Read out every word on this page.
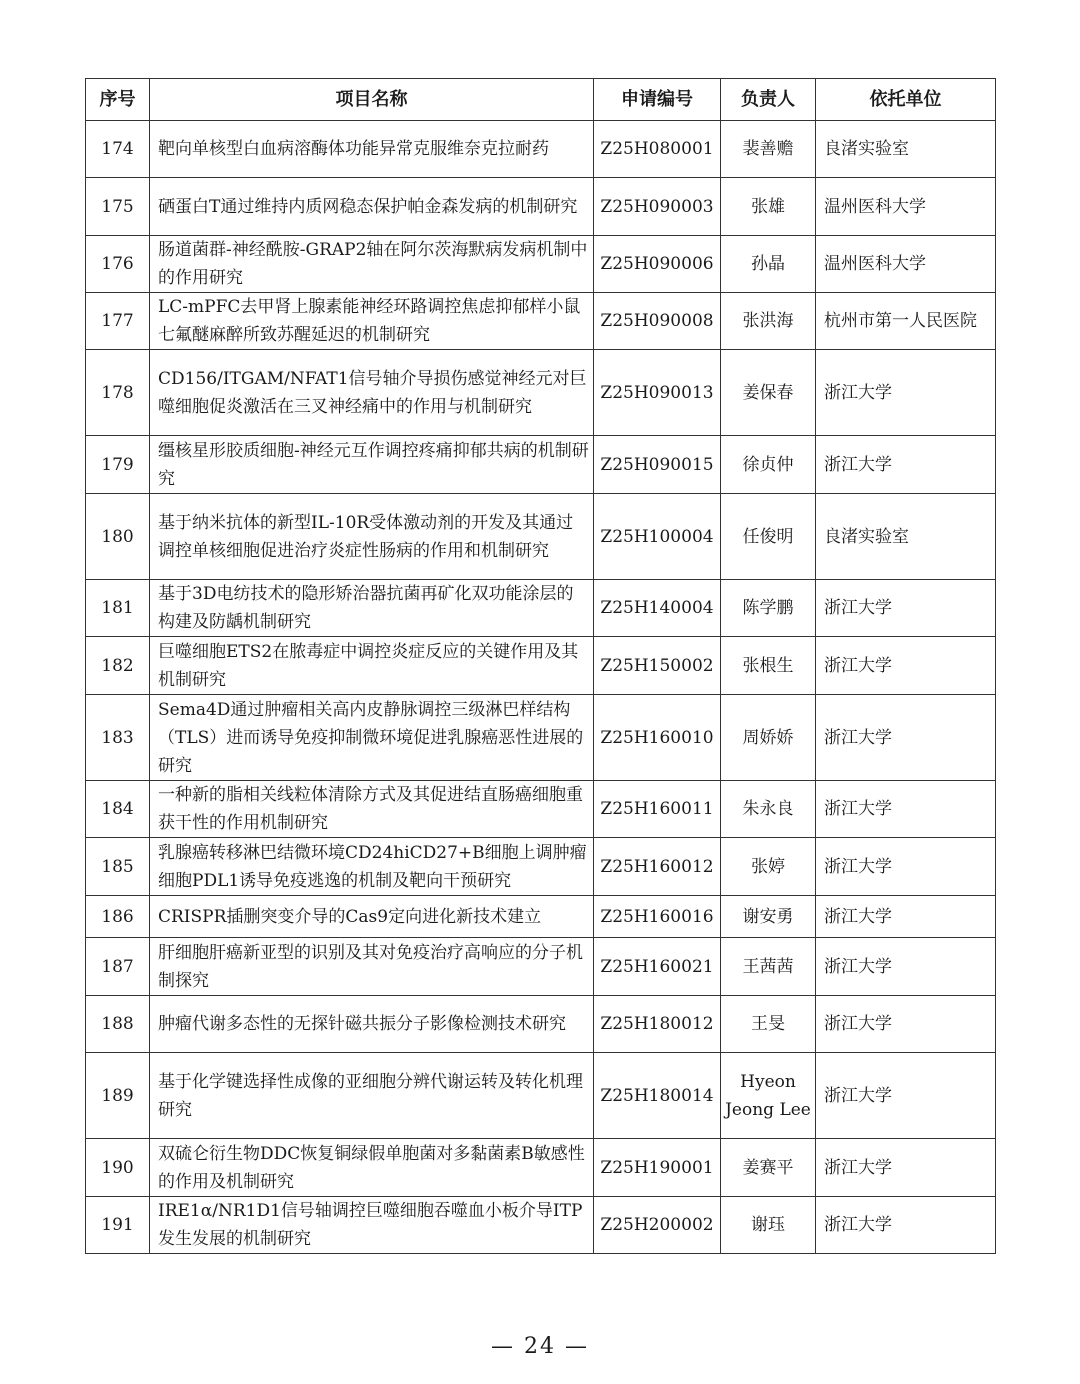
序号	项目名称	申请编号	负责人	依托单位
174	靶向单核型白血病溶酶体功能异常克服维奈克拉耐药	Z25H080001	裴善赡	良渚实验室
175	硒蛋白T通过维持内质网稳态保护帕金森发病的机制研究	Z25H090003	张雄	温州医科大学
176	肠道菌群-神经酰胺-GRAP2轴在阿尔茨海默病发病机制中的作用研究	Z25H090006	孙晶	温州医科大学
177	LC-mPFC去甲肾上腺素能神经环路调控焦虑抑郁样小鼠七氟醚麻醉所致苏醒延迟的机制研究	Z25H090008	张洪海	杭州市第一人民医院
178	CD156/ITGAM/NFAT1信号轴介导损伤感觉神经元对巨噬细胞促炎激活在三叉神经痛中的作用与机制研究	Z25H090013	姜保春	浙江大学
179	缰核星形胶质细胞-神经元互作调控疼痛抑郁共病的机制研究	Z25H090015	徐贞仲	浙江大学
180	基于纳米抗体的新型IL-10R受体激动剂的开发及其通过调控单核细胞促进治疗炎症性肠病的作用和机制研究	Z25H100004	任俊明	良渚实验室
181	基于3D电纺技术的隐形矫治器抗菌再矿化双功能涂层的构建及防龋机制研究	Z25H140004	陈学鹏	浙江大学
182	巨噬细胞ETS2在脓毒症中调控炎症反应的关键作用及其机制研究	Z25H150002	张根生	浙江大学
183	Sema4D通过肿瘤相关高内皮静脉调控三级淋巴样结构（TLS）进而诱导免疫抑制微环境促进乳腺癌恶性进展的研究	Z25H160010	周娇娇	浙江大学
184	一种新的脂相关线粒体清除方式及其促进结直肠癌细胞重获干性的作用机制研究	Z25H160011	朱永良	浙江大学
185	乳腺癌转移淋巴结微环境CD24hiCD27+B细胞上调肿瘤细胞PDL1诱导免疫逃逸的机制及靶向干预研究	Z25H160012	张婷	浙江大学
186	CRISPR插删突变介导的Cas9定向进化新技术建立	Z25H160016	谢安勇	浙江大学
187	肝细胞肝癌新亚型的识别及其对免疫治疗高响应的分子机制探究	Z25H160021	王茜茜	浙江大学
188	肿瘤代谢多态性的无探针磁共振分子影像检测技术研究	Z25H180012	王旻	浙江大学
189	基于化学键选择性成像的亚细胞分辨代谢运转及转化机理研究	Z25H180014	Hyeon Jeong Lee	浙江大学
190	双硫仑衍生物DDC恢复铜绿假单胞菌对多黏菌素B敏感性的作用及机制研究	Z25H190001	姜赛平	浙江大学
191	IRE1α/NR1D1信号轴调控巨噬细胞吞噬血小板介导ITP发生发展的机制研究	Z25H200002	谢珏	浙江大学
— 24 —
